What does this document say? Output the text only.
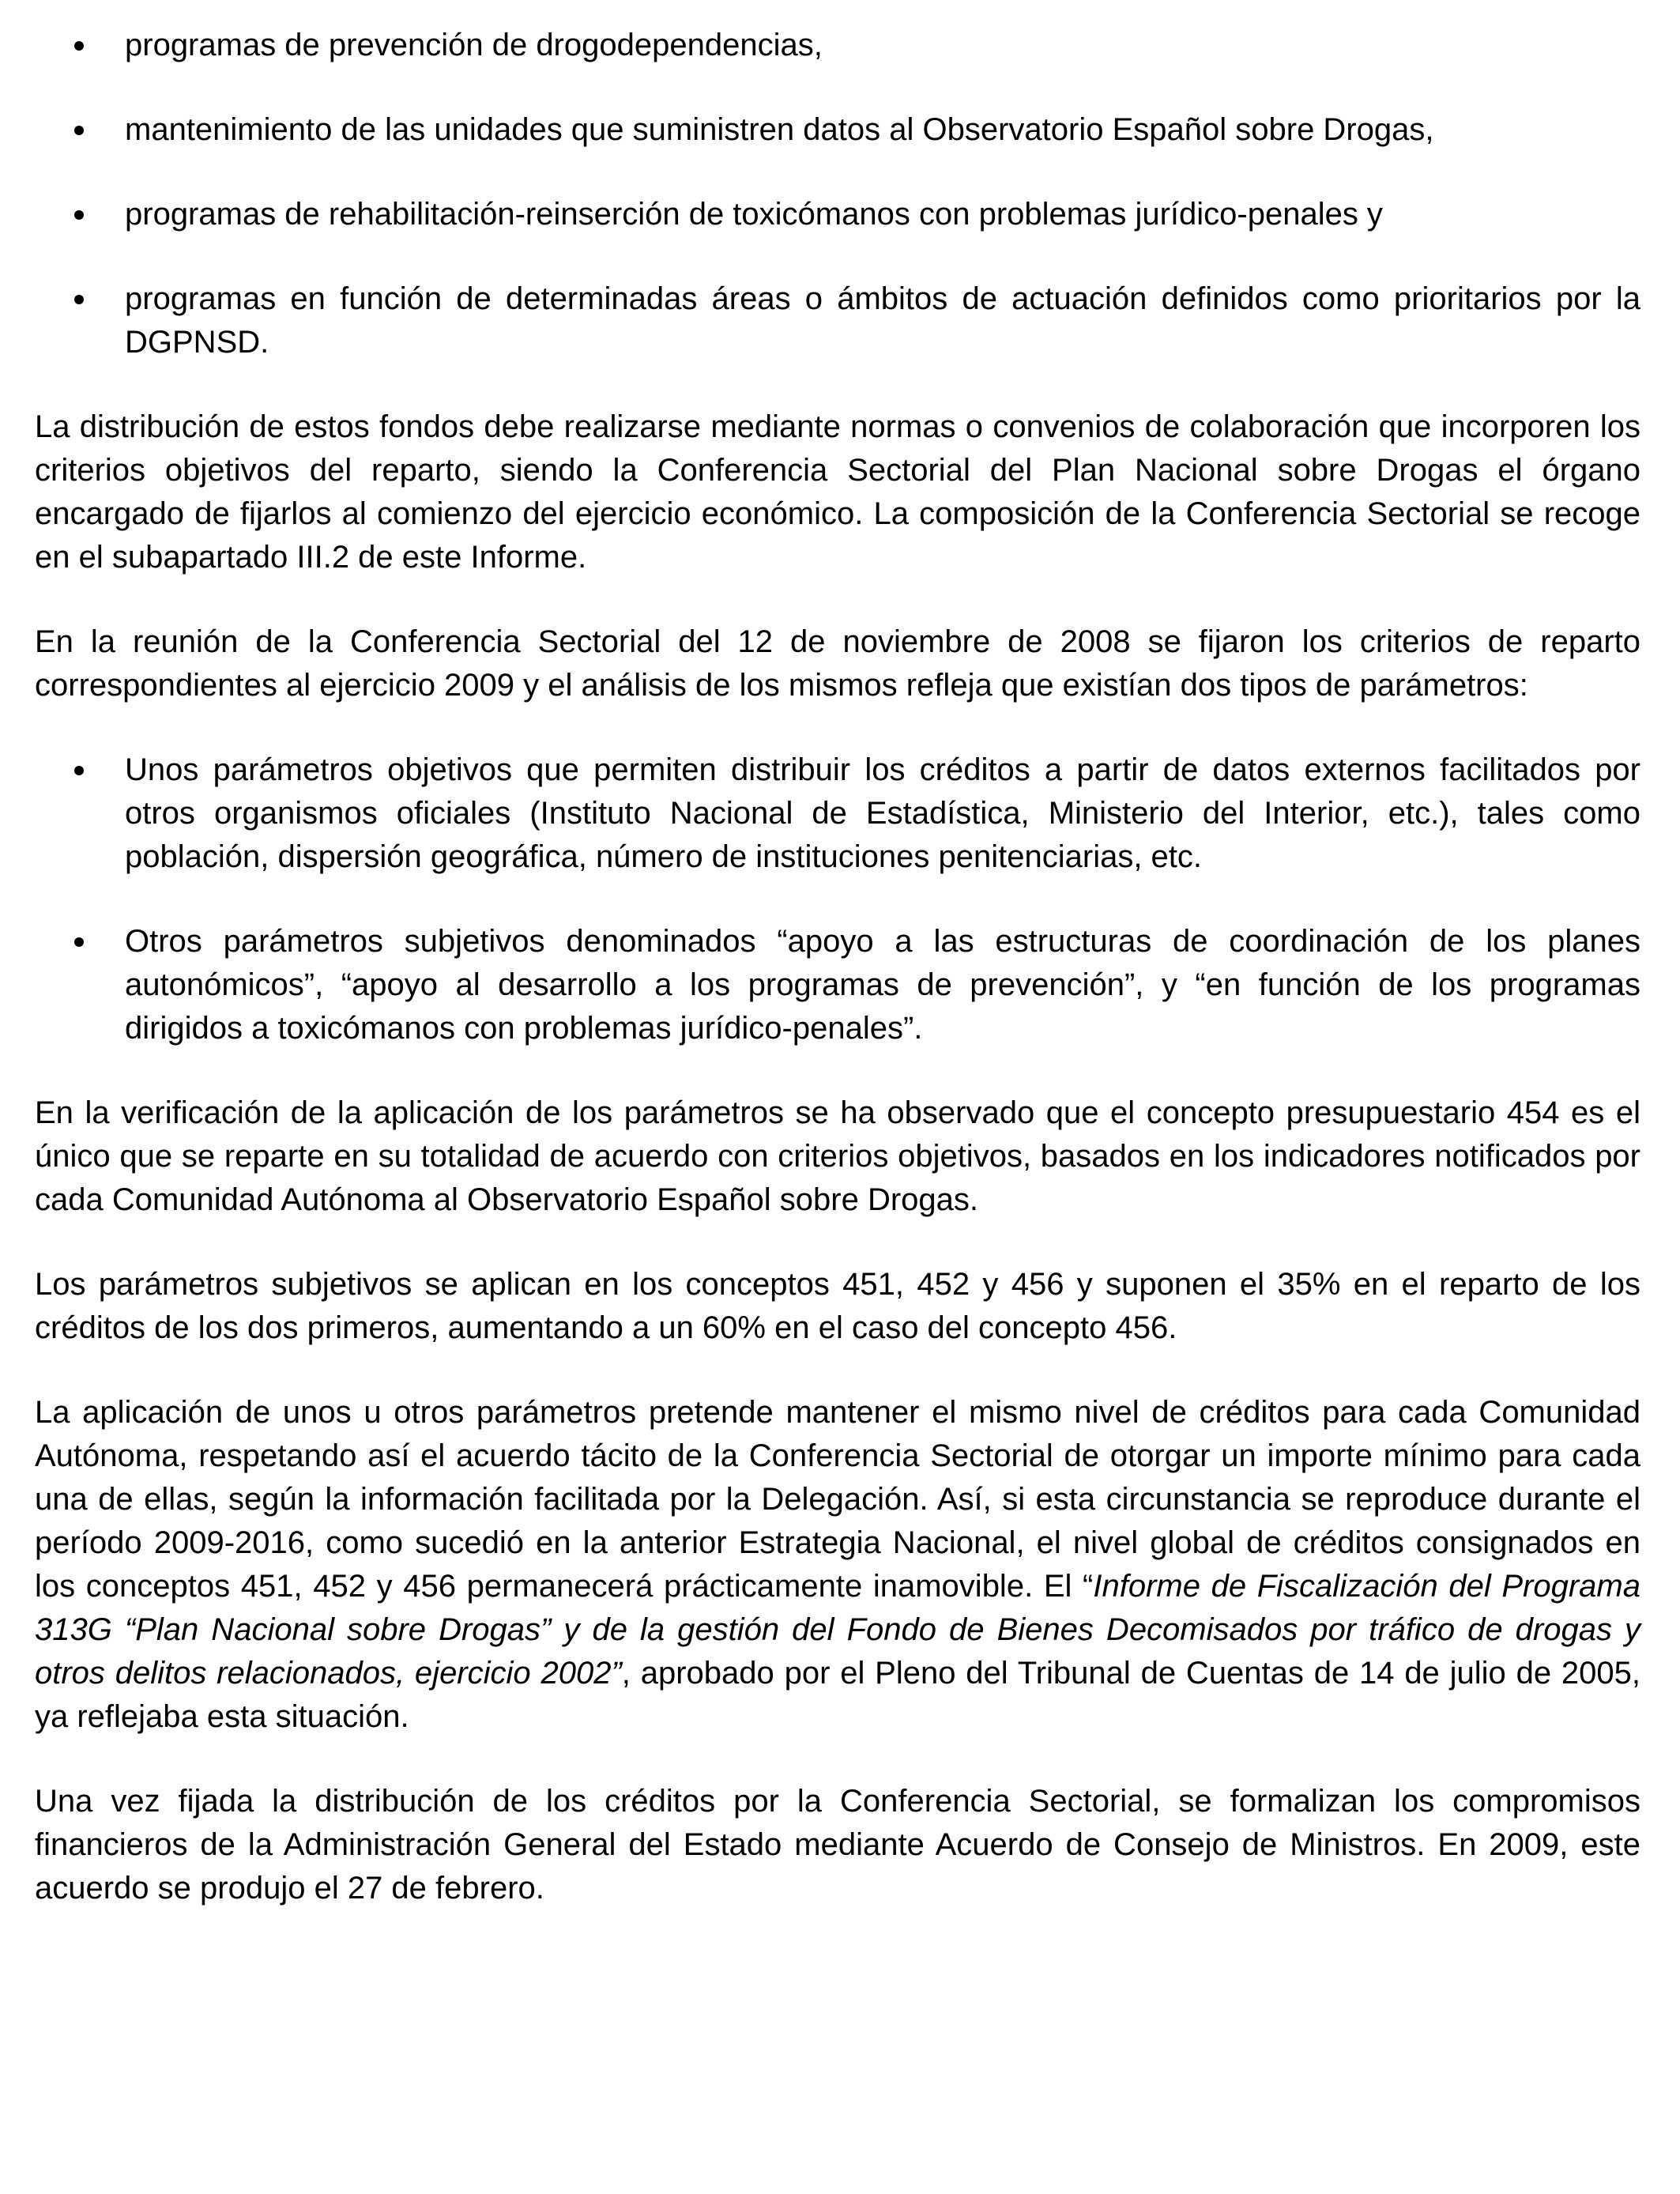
programas de prevención de drogodependencias,
mantenimiento de las unidades que suministren datos al Observatorio Español sobre Drogas,
programas de rehabilitación-reinserción de toxicómanos con problemas jurídico-penales y
programas en función de determinadas áreas o ámbitos de actuación definidos como prioritarios por la DGPNSD.

La distribución de estos fondos debe realizarse mediante normas o convenios de colaboración que incorporen los criterios objetivos del reparto, siendo la Conferencia Sectorial del Plan Nacional sobre Drogas el órgano encargado de fijarlos al comienzo del ejercicio económico. La composición de la Conferencia Sectorial se recoge en el subapartado III.2 de este Informe.

En la reunión de la Conferencia Sectorial del 12 de noviembre de 2008 se fijaron los criterios de reparto correspondientes al ejercicio 2009 y el análisis de los mismos refleja que existían dos tipos de parámetros:

Unos parámetros objetivos que permiten distribuir los créditos a partir de datos externos facilitados por otros organismos oficiales (Instituto Nacional de Estadística, Ministerio del Interior, etc.), tales como población, dispersión geográfica, número de instituciones penitenciarias, etc.
Otros parámetros subjetivos denominados “apoyo a las estructuras de coordinación de los planes autonómicos”, “apoyo al desarrollo a los programas de prevención”, y “en función de los programas dirigidos a toxicómanos con problemas jurídico-penales”.

En la verificación de la aplicación de los parámetros se ha observado que el concepto presupuestario 454 es el único que se reparte en su totalidad de acuerdo con criterios objetivos, basados en los indicadores notificados por cada Comunidad Autónoma al Observatorio Español sobre Drogas.

Los parámetros subjetivos se aplican en los conceptos 451, 452 y 456 y suponen el 35% en el reparto de los créditos de los dos primeros, aumentando a un 60% en el caso del concepto 456.

La aplicación de unos u otros parámetros pretende mantener el mismo nivel de créditos para cada Comunidad Autónoma, respetando así el acuerdo tácito de la Conferencia Sectorial de otorgar un importe mínimo para cada una de ellas, según la información facilitada por la Delegación. Así, si esta circunstancia se reproduce durante el período 2009-2016, como sucedió en la anterior Estrategia Nacional, el nivel global de créditos consignados en los conceptos 451, 452 y 456 permanecerá prácticamente inamovible. El “Informe de Fiscalización del Programa 313G “Plan Nacional sobre Drogas” y de la gestión del Fondo de Bienes Decomisados por tráfico de drogas y otros delitos relacionados, ejercicio 2002”, aprobado por el Pleno del Tribunal de Cuentas de 14 de julio de 2005, ya reflejaba esta situación.

Una vez fijada la distribución de los créditos por la Conferencia Sectorial, se formalizan los compromisos financieros de la Administración General del Estado mediante Acuerdo de Consejo de Ministros. En 2009, este acuerdo se produjo el 27 de febrero.
